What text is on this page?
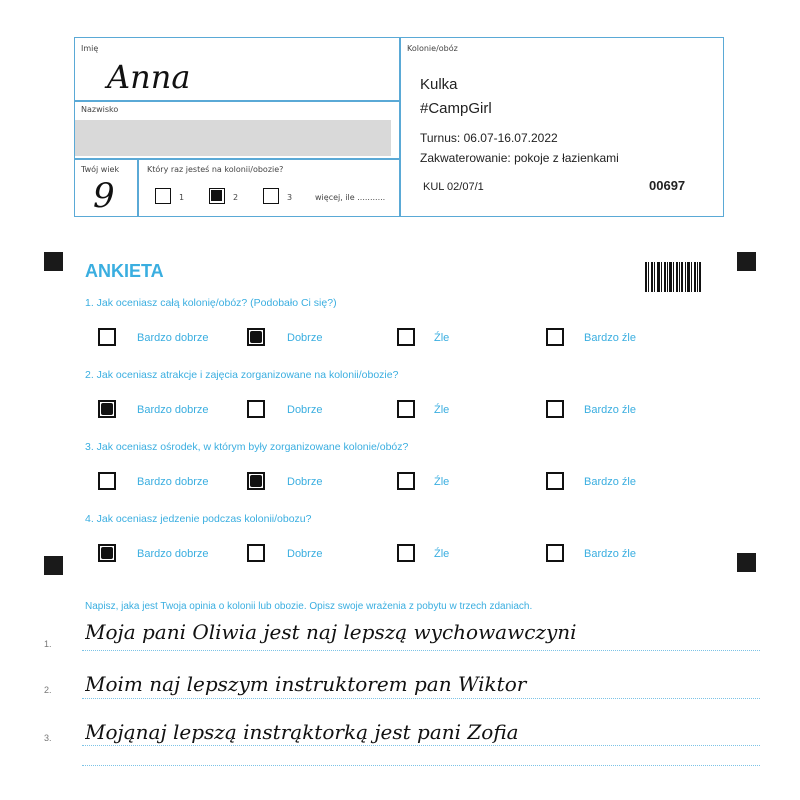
Imię
Anna
Nazwisko
Twój wiek
9
Który raz jesteś na kolonii/obozie?
1	2	3	więcej, ile ...........
Kolonie/obóz
Kulka
#CampGirl
Turnus: 06.07-16.07.2022
Zakwaterowanie: pokoje z łazienkami
KUL 02/07/1	00697
ANKIETA
1. Jak oceniasz całą kolonię/obóz? (Podobało Ci się?)
Bardzo dobrze	Dobrze	Źle	Bardzo źle
2. Jak oceniasz atrakcje i zajęcia zorganizowane na kolonii/obozie?
Bardzo dobrze	Dobrze	Źle	Bardzo źle
3. Jak oceniasz ośrodek, w którym były zorganizowane kolonie/obóz?
Bardzo dobrze	Dobrze	Źle	Bardzo źle
4. Jak oceniasz jedzenie podczas kolonii/obozu?
Bardzo dobrze	Dobrze	Źle	Bardzo źle
Napisz, jaka jest Twoja opinia o kolonii lub obozie. Opisz swoje wrażenia z pobytu w trzech zdaniach.
1. Moja pani Oliwia jest naj lepszą wychowawczyni
2. Moim naj lepszym instruktorem pan Wiktor
3. Mojąnaj lepszą instrąktorką jest pani Zofia
